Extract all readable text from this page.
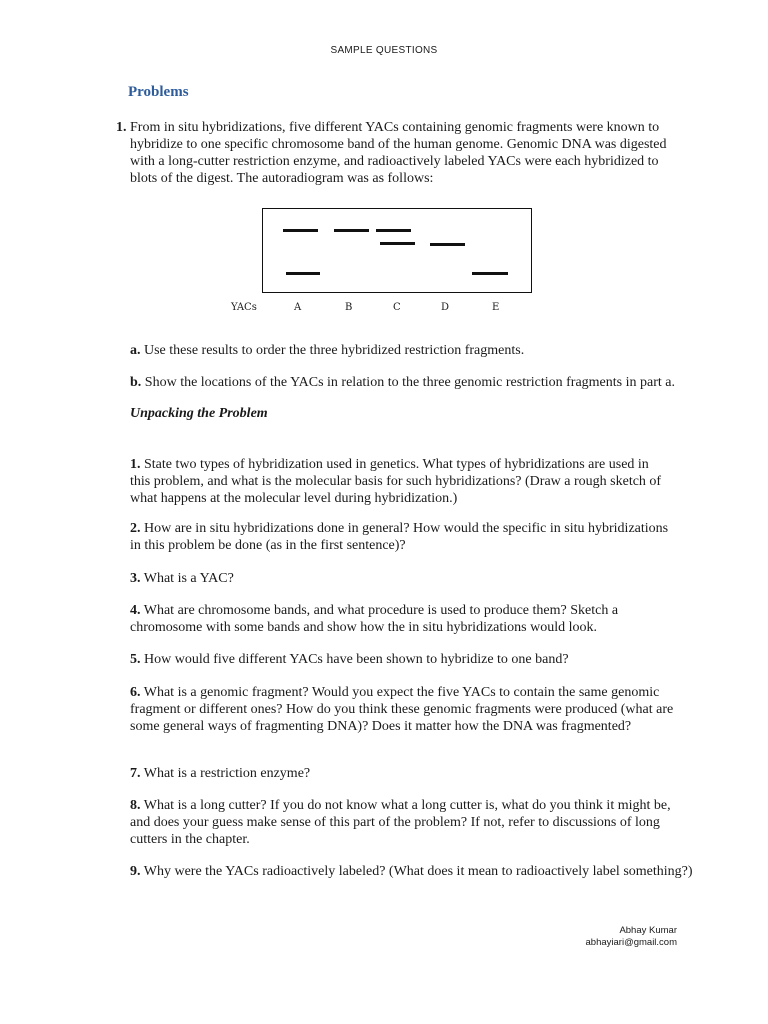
SAMPLE QUESTIONS
Problems
1. From in situ hybridizations, five different YACs containing genomic fragments were known to hybridize to one specific chromosome band of the human genome. Genomic DNA was digested with a long-cutter restriction enzyme, and radioactively labeled YACs were each hybridized to blots of the digest. The autoradiogram was as follows:
YACs	A	B	C	D	E
a. Use these results to order the three hybridized restriction fragments.
b. Show the locations of the YACs in relation to the three genomic restriction fragments in part a.
Unpacking the Problem
1. State two types of hybridization used in genetics. What types of hybridizations are used in this problem, and what is the molecular basis for such hybridizations? (Draw a rough sketch of what happens at the molecular level during hybridization.)
2. How are in situ hybridizations done in general? How would the specific in situ hybridizations in this problem be done (as in the first sentence)?
3. What is a YAC?
4. What are chromosome bands, and what procedure is used to produce them? Sketch a chromosome with some bands and show how the in situ hybridizations would look.
5. How would five different YACs have been shown to hybridize to one band?
6. What is a genomic fragment? Would you expect the five YACs to contain the same genomic fragment or different ones? How do you think these genomic fragments were produced (what are some general ways of fragmenting DNA)? Does it matter how the DNA was fragmented?
7. What is a restriction enzyme?
8. What is a long cutter? If you do not know what a long cutter is, what do you think it might be, and does your guess make sense of this part of the problem? If not, refer to discussions of long cutters in the chapter.
9. Why were the YACs radioactively labeled? (What does it mean to radioactively label something?)
Abhay Kumar
abhayiari@gmail.com
